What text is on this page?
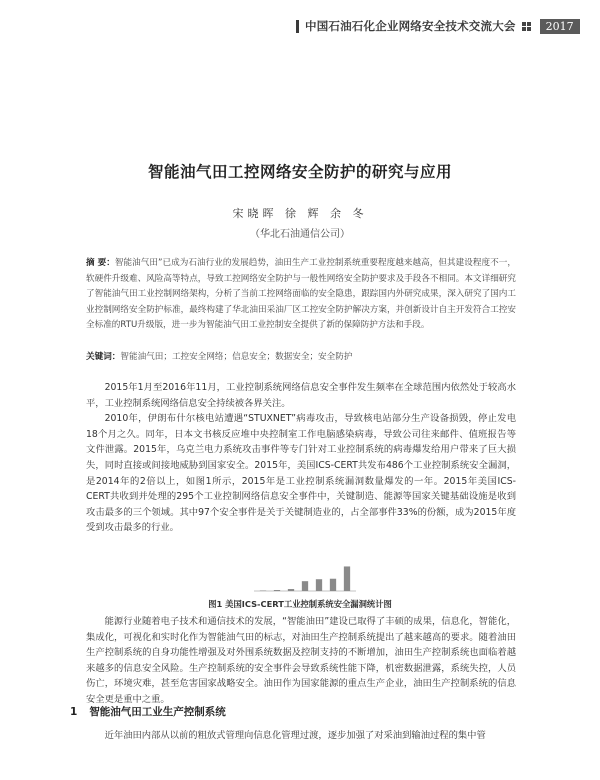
中国石油石化企业网络安全技术交流大会	2017
智能油气田工控网络安全防护的研究与应用
宋晓晖 徐 辉 余 冬
（华北石油通信公司）
摘 要：智能油气田”已成为石油行业的发展趋势，油田生产工业控制系统重要程度越来越高，但其建设程度不一，软硬件升级难、风险高等特点，导致工控网络安全防护与一般性网络安全防护要求及手段各不相同。本文详细研究了智能油气田工业控制网络架构，分析了当前工控网络面临的安全隐患，跟踪国内外研究成果，深入研究了国内工业控制网络安全防护标准，最终构建了华北油田采油厂区工控安全防护解决方案，并创新设计自主开发符合工控安全标准的RTU升级版，进一步为智能油气田工业控制安全提供了新的保障防护方法和手段。
关键词：智能油气田；工控安全网络；信息安全；数据安全；安全防护

2015年1月至2016年11月，工业控制系统网络信息安全事件发生频率在全球范围内依然处于较高水平，工业控制系统网络信息安全持续被各界关注。

2010年，伊朗布什尔核电站遭遇“STUXNET”病毒攻击，导致核电站部分生产设备损毁，停止发电18个月之久。同年，日本文书核反应堆中央控制室工作电脑感染病毒，导致公司往来邮件、值班报告等文件泄露。2015年，乌克兰电力系统攻击事件等专门针对工业控制系统的病毒爆发给用户带来了巨大损失，同时直接或间接地威胁到国家安全。2015年，美国ICS-CERT共发布486个工业控制系统安全漏洞，是2014年的2倍以上，如图1所示，2015年是工业控制系统漏洞数量爆发的一年。2015年美国ICS-CERT共收到并处理的295个工业控制网络信息安全事件中，关键制造、能源等国家关键基础设施是收到攻击最多的三个领域。其中97个安全事件是关于关键制造业的，占全部事件33%的份额，成为2015年度受到攻击最多的行业。

图1 美国ICS-CERT工业控制系统安全漏洞统计图

能源行业随着电子技术和通信技术的发展，“智能油田”建设已取得了丰硕的成果，信息化，智能化，集成化，可视化和实时化作为智能油气田的标志，对油田生产控制系统提出了越来越高的要求。随着油田生产控制系统的自身功能性增强及对外围系统数据及控制支持的不断增加，油田生产控制系统也面临着越来越多的信息安全风险。生产控制系统的安全事件会导致系统性能下降，机密数据泄露，系统失控，人员伤亡，环境灾难，甚至危害国家战略安全。油田作为国家能源的重点生产企业，油田生产控制系统的信息安全更是重中之重。

1 智能油气田工业生产控制系统

近年油田内部从以前的粗放式管理向信息化管理过渡，逐步加强了对采油到输油过程的集中管
